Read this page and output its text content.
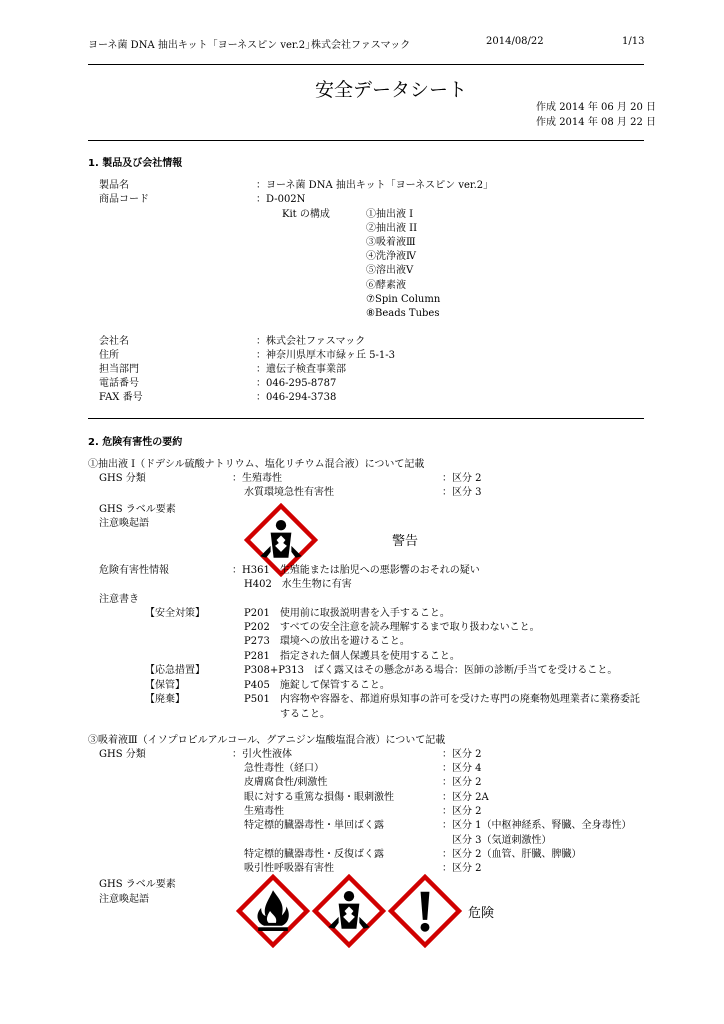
ヨーネ菌 DNA 抽出キット「ヨーネスピン ver.2」
株式会社ファスマック	2014/08/22	1/13
安全データシート
作成 2014 年 06 月 20 日
作成 2014 年 08 月 22 日
1. 製品及び会社情報
製品名	：ヨーネ菌 DNA 抽出キット「ヨーネスピン ver.2」
商品コード	：D-002N
Kit の構成	①抽出液 I
②抽出液 II
③吸着液Ⅲ
④洗浄液Ⅳ
⑤溶出液Ⅴ
⑥酵素液
⑦Spin Column
⑧Beads Tubes
会社名	：株式会社ファスマック
住所	：神奈川県厚木市緑ヶ丘 5-1-3
担当部門	：遺伝子検査事業部
電話番号	：046-295-8787
FAX 番号	：046-294-3738
2. 危険有害性の要約
①抽出液 I（ドデシル硫酸ナトリウム、塩化リチウム混合液）について記載
GHS 分類	：生殖毒性	：区分 2
水質環境急性有害性	：区分 3
GHS ラベル要素
注意喚起語
警告
危険有害性情報	：H361　生殖能または胎児への悪影響のおそれの疑い
H402　水生生物に有害
注意書き
【安全対策】	P201　使用前に取扱説明書を入手すること。
P202　すべての安全注意を読み理解するまで取り扱わないこと。
P273　環境への放出を避けること。
P281　指定された個人保護具を使用すること。
【応急措置】	P308+P313　ばく露又はその懸念がある場合：医師の診断/手当てを受けること。
【保管】	P405　施錠して保管すること。
【廃棄】	P501　内容物や容器を、都道府県知事の許可を受けた専門の廃棄物処理業者に業務委託
すること。
③吸着液Ⅲ（イソプロピルアルコール、グアニジン塩酸塩混合液）について記載
GHS 分類	：引火性液体	：区分 2
急性毒性（経口）	：区分 4
皮膚腐食性/刺激性	：区分 2
眼に対する重篤な損傷・眼刺激性	：区分 2A
生殖毒性	：区分 2
特定標的臓器毒性・単回ばく露	：区分 1（中枢神経系、腎臓、全身毒性）
区分 3（気道刺激性）
特定標的臓器毒性・反復ばく露	：区分 2（血管、肝臓、脾臓）
吸引性呼吸器有害性	：区分 2
GHS ラベル要素
注意喚起語
危険
